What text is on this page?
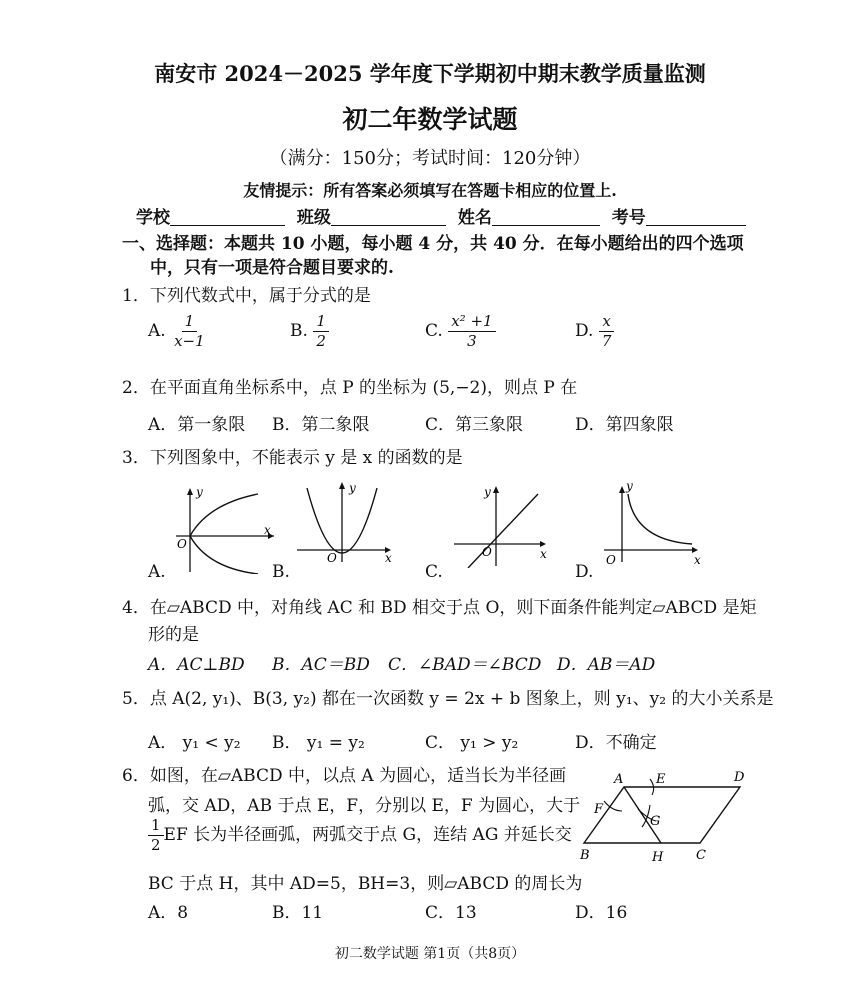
南安市 2024－2025 学年度下学期初中期末教学质量监测
初二年数学试题
（满分：150分；考试时间：120分钟）
友情提示：所有答案必须填写在答题卡相应的位置上.
学校	班级	姓名	考号
一、选择题：本题共 10 小题，每小题 4 分，共 40 分．在每小题给出的四个选项
中，只有一项是符合题目要求的.
1．下列代数式中，属于分式的是
A. $\frac{1}{x-1}$	B. $\frac{1}{2}$	C. $\frac{\text{x² +1}}{3}$	D. $\frac{x}{7}$
2．在平面直角坐标系中，点 P 的坐标为 (5,−2)，则点 P 在
A．第一象限 B．第二象限	C．第三象限	D．第四象限
3．下列图象中，不能表示 y 是 x 的函数的是
y
O
x
A.
y
O	x
B.
y
O	x
C.
y
O	x
D.
4．在▱ABCD 中，对角线 AC 和 BD 相交于点 O，则下面条件能判定▱ABCD 是矩
形的是
A．AC⊥BD B．AC＝BD C．∠BAD＝∠BCD D．AB＝AD
5．点 A(2, y₁)、B(3, y₂) 都在一次函数 y = 2x + b 图象上，则 y₁、y₂ 的大小关系是
A． y₁ < y₂ B． y₁ = y₂	C． y₁ > y₂	D．不确定
6．如图，在▱ABCD 中，以点 A 为圆心，适当长为半径画
弧，交 AD，AB 于点 E，F，分别以 E，F 为圆心，大于
$\frac{1}{2}$ EF 长为半径画弧，两弧交于点 G，连结 AG 并延长交
BC 于点 H，其中 AD=5，BH=3，则▱ABCD 的周长为
A．8	B．11	C．13	D．16
A	E	D
F
G
B	H	C
初二数学试题 第1页（共8页）
